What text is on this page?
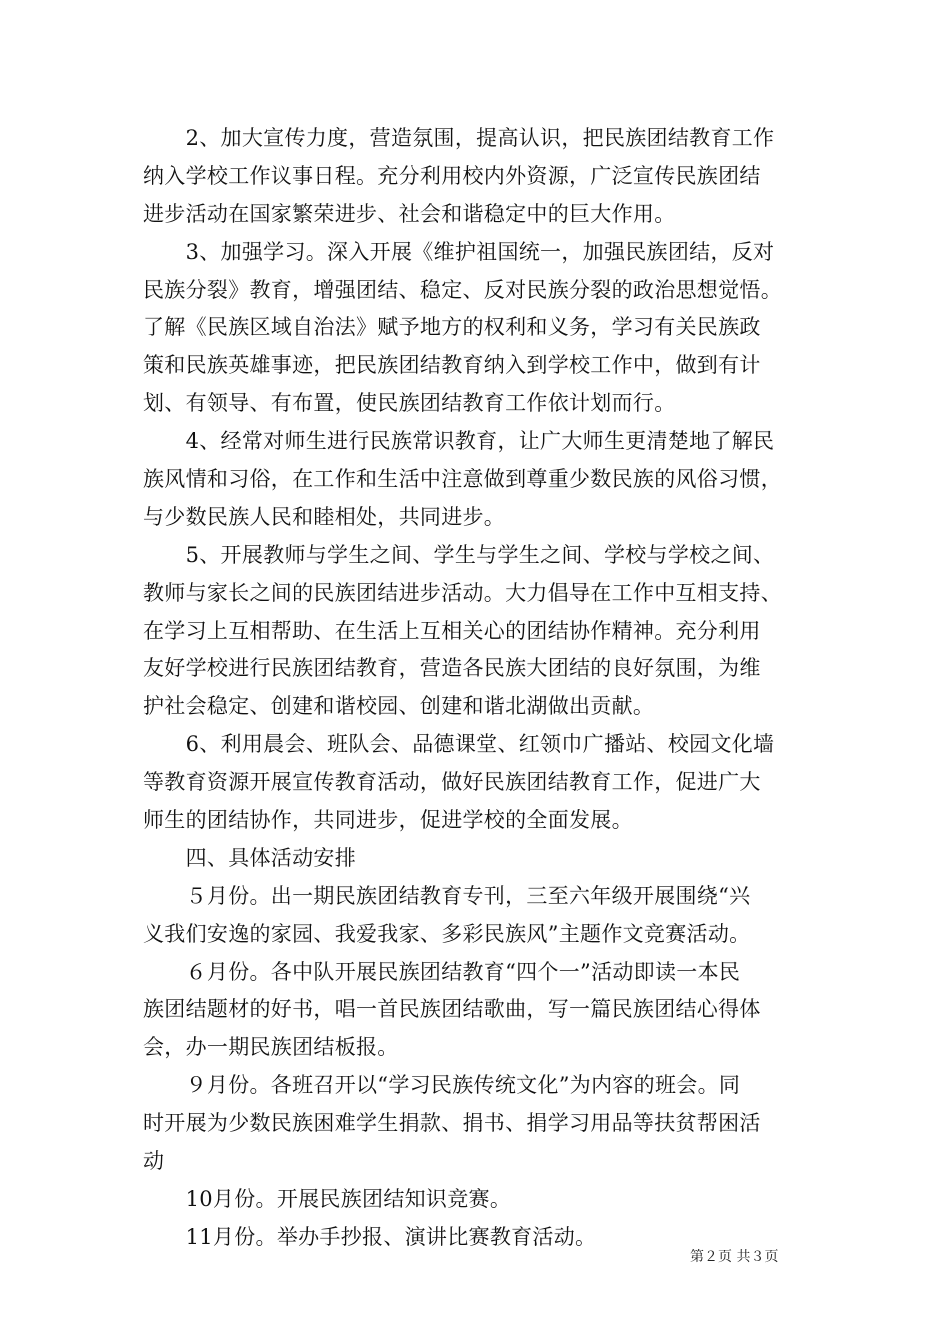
　　2、加大宣传力度，营造氛围，提高认识，把民族团结教育工作
纳入学校工作议事日程。充分利用校内外资源，广泛宣传民族团结
进步活动在国家繁荣进步、社会和谐稳定中的巨大作用。
　　3、加强学习。深入开展《维护祖国统一，加强民族团结，反对
民族分裂》教育，增强团结、稳定、反对民族分裂的政治思想觉悟。
了解《民族区域自治法》赋予地方的权利和义务，学习有关民族政
策和民族英雄事迹，把民族团结教育纳入到学校工作中，做到有计
划、有领导、有布置，使民族团结教育工作依计划而行。
　　4、经常对师生进行民族常识教育，让广大师生更清楚地了解民
族风情和习俗，在工作和生活中注意做到尊重少数民族的风俗习惯，
与少数民族人民和睦相处，共同进步。
　　5、开展教师与学生之间、学生与学生之间、学校与学校之间、
教师与家长之间的民族团结进步活动。大力倡导在工作中互相支持、
在学习上互相帮助、在生活上互相关心的团结协作精神。充分利用
友好学校进行民族团结教育，营造各民族大团结的良好氛围，为维
护社会稳定、创建和谐校园、创建和谐北湖做出贡献。
　　6、利用晨会、班队会、品德课堂、红领巾广播站、校园文化墙
等教育资源开展宣传教育活动，做好民族团结教育工作，促进广大
师生的团结协作，共同进步，促进学校的全面发展。
　　四、具体活动安排
　　５月份。出一期民族团结教育专刊，三至六年级开展围绕“兴
义我们安逸的家园、我爱我家、多彩民族风”主题作文竞赛活动。
　　６月份。各中队开展民族团结教育“四个一”活动即读一本民
族团结题材的好书，唱一首民族团结歌曲，写一篇民族团结心得体
会，办一期民族团结板报。
　　９月份。各班召开以“学习民族传统文化”为内容的班会。同
时开展为少数民族困难学生捐款、捐书、捐学习用品等扶贫帮困活
动
　　10月份。开展民族团结知识竞赛。
　　11月份。举办手抄报、演讲比赛教育活动。
第２页 共３页
